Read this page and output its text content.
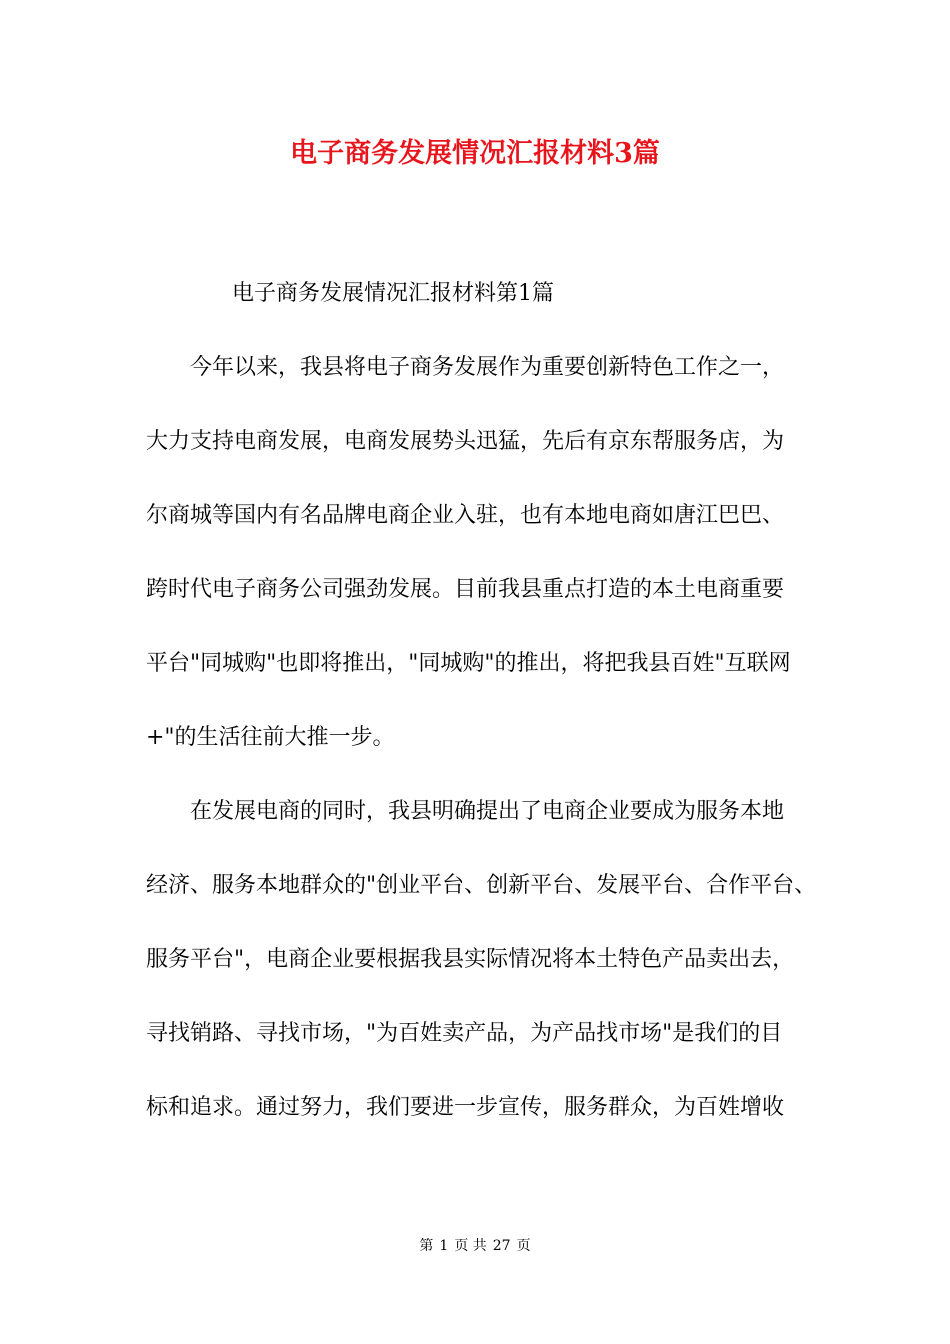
电子商务发展情况汇报材料3篇

电子商务发展情况汇报材料第1篇

今年以来，我县将电子商务发展作为重要创新特色工作之一，

大力支持电商发展，电商发展势头迅猛，先后有京东帮服务店，为

尔商城等国内有名品牌电商企业入驻，也有本地电商如唐江巴巴、

跨时代电子商务公司强劲发展。目前我县重点打造的本土电商重要

平台"同城购"也即将推出，"同城购"的推出，将把我县百姓"互联网

+"的生活往前大推一步。

在发展电商的同时，我县明确提出了电商企业要成为服务本地

经济、服务本地群众的"创业平台、创新平台、发展平台、合作平台、

服务平台"，电商企业要根据我县实际情况将本土特色产品卖出去，

寻找销路、寻找市场，"为百姓卖产品，为产品找市场"是我们的目

标和追求。通过努力，我们要进一步宣传，服务群众，为百姓增收

第 1 页 共 27 页
